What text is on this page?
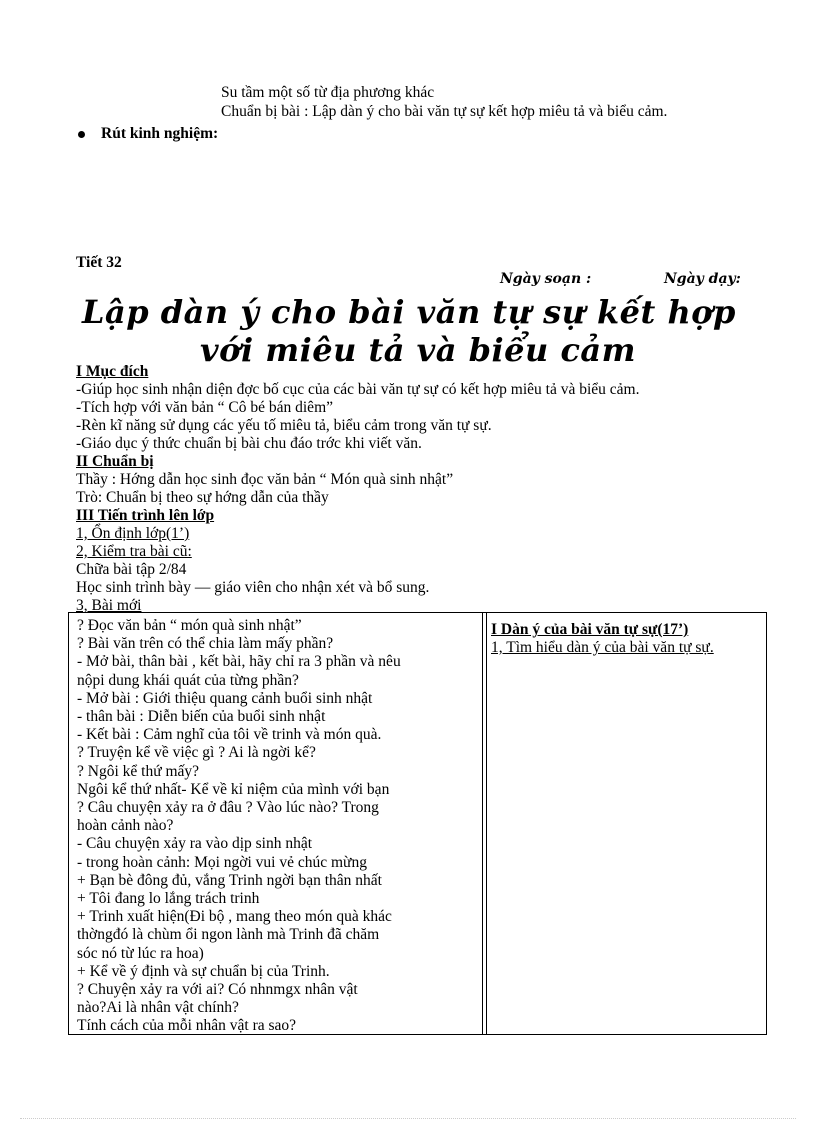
Su tầm một số từ địa phương khác
Chuẩn bị bài : Lập dàn ý cho bài văn tự sự kết hợp miêu tả và biểu cảm.
Rút kinh nghiệm:
Tiết 32
Ngày soạn :	Ngày dạy:
Lập dàn ý cho bài văn tự sự kết hợp
với miêu tả và biểu cảm
I Mục đích
-Giúp học sinh nhận diện đợc bố cục của các bài văn tự sự có kết hợp miêu tả và biểu cảm.
-Tích hợp với văn bản “ Cô bé bán diêm”
-Rèn kĩ năng sử dụng các yếu tố miêu tả, biểu cảm trong văn tự sự.
-Giáo dục ý thức chuẩn bị bài chu đáo trớc khi viết văn.
II Chuẩn bị
Thầy : Hớng dẫn học sinh đọc văn bản “ Món quà sinh nhật”
Trò: Chuẩn bị theo sự hớng dẫn của thầy
III Tiến trình lên lớp
1, Ổn định lớp(1’)
2, Kiểm tra bài cũ:
Chữa bài tập 2/84
Học sinh trình bày — giáo viên cho nhận xét và bổ sung.
3, Bài mới
? Đọc văn bản “ món quà sinh nhật”
? Bài văn trên có thể chia làm mấy phần?
- Mở bài, thân bài , kết bài, hãy chỉ ra 3 phần và nêu
nộpi dung khái quát của từng phần?
- Mở bài : Giới thiệu quang cảnh buổi sinh nhật
- thân bài : Diễn biến của buổi sinh nhật
- Kết bài : Cảm nghĩ của tôi về trinh và món quà.
? Truyện kể về việc gì ? Ai là ngời kể?
? Ngôi kể thứ mấy?
Ngôi kể thứ nhất- Kể về kỉ niệm của mình với bạn
? Câu chuyện xảy ra ở đâu ? Vào lúc nào? Trong
hoàn cảnh nào?
- Câu chuyện xảy ra vào dịp sinh nhật
- trong hoàn cảnh: Mọi ngời vui vẻ chúc mừng
+ Bạn bè đông đủ, vắng Trinh ngời bạn thân nhất
+ Tôi đang lo lắng trách trinh
+ Trinh xuất hiện(Đi bộ , mang theo món quà khác
thờngđó là chùm ổi ngon lành mà Trinh đã chăm
sóc nó từ lúc ra hoa)
+ Kể về ý định và sự chuẩn bị của Trinh.
? Chuyện xảy ra với ai? Có nhnmgx nhân vật
nào?Ai là nhân vật chính?
Tính cách của mỗi nhân vật ra sao?
I Dàn ý của bài văn tự sự(17’)
1, Tìm hiểu dàn ý của bài văn tự sự.
